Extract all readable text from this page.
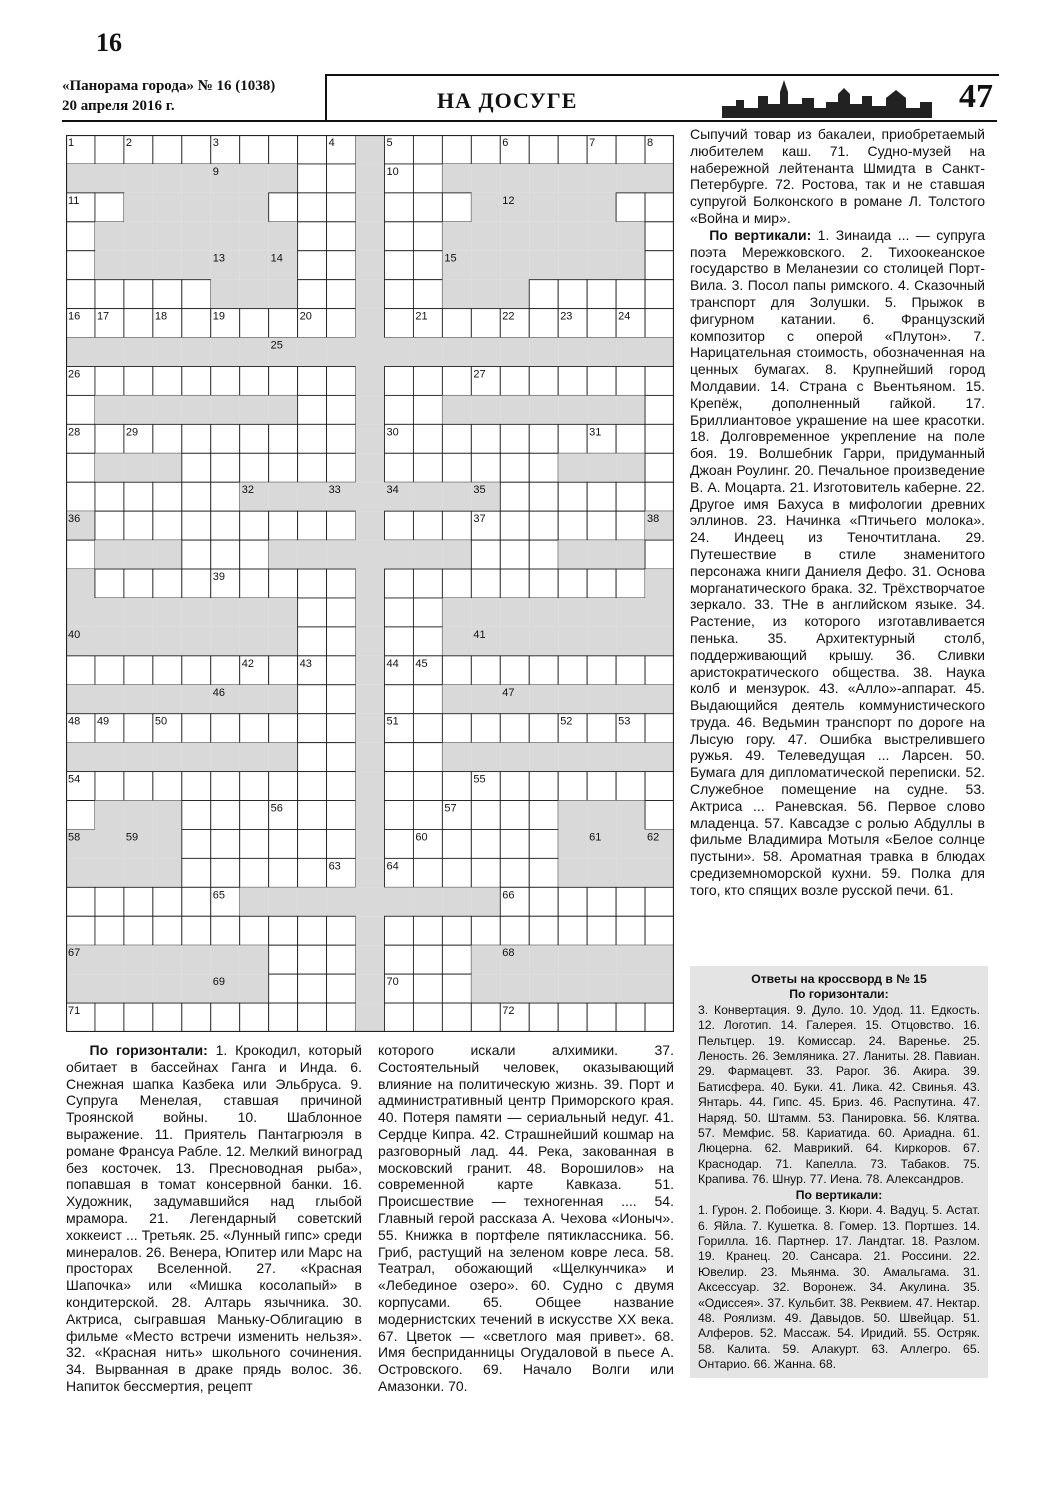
16
«Панорама города» № 16 (1038)
20 апреля 2016 г.	НА ДОСУГЕ	47
1	2	3	4	5	6	7	8
9	10
11	12
13	14	15
16 17	18	19	20	21	22	23	24
25
26	27
28	29	30	31
32	33	34	35
36	37	38
39
40	41
42	43	44 45
46	47
48 49	50	51	52	53
54	55
56	57
58	59	60	61	62
63	64
65	66
67	68
69	70
71	72
Сыпучий товар из бакалеи, приобретаемый любителем каш. 71. Судно-музей на набережной лейтенанта Шмидта в Санкт-Петербурге. 72. Ростова, так и не ставшая супругой Болконского в романе Л. Толстого «Война и мир».
По вертикали: 1. Зинаида ... — супруга поэта Мережковского. 2. Тихоокеанское государство в Меланезии со столицей Порт-Вила. 3. Посол папы римского. 4. Сказочный транспорт для Золушки. 5. Прыжок в фигурном катании. 6. Французский композитор с оперой «Плутон». 7. Нарицательная стоимость, обозначенная на ценных бумагах. 8. Крупнейший город Молдавии. 14. Страна с Вьентьяном. 15. Крепёж, дополненный гайкой. 17. Бриллиантовое украшение на шее красотки. 18. Долговременное укрепление на поле боя. 19. Волшебник Гарри, придуманный Джоан Роулинг. 20. Печальное произведение В. А. Моцарта. 21. Изготовитель каберне. 22. Другое имя Бахуса в мифологии древних эллинов. 23. Начинка «Птичьего молока». 24. Индеец из Теночтитлана. 29. Путешествие в стиле знаменитого персонажа книги Даниеля Дефо. 31. Основа морганатического брака. 32. Трёхстворчатое зеркало. 33. THe в английском языке. 34. Растение, из которого изготавливается пенька. 35. Архитектурный столб, поддерживающий крышу. 36. Сливки аристократического общества. 38. Наука колб и мензурок. 43. «Алло»-аппарат. 45. Выдающийся деятель коммунистического труда. 46. Ведьмин транспорт по дороге на Лысую гору. 47. Ошибка выстрелившего ружья. 49. Телеведущая ... Ларсен. 50. Бумага для дипломатической переписки. 52. Служебное помещение на судне. 53. Актриса ... Раневская. 56. Первое слово младенца. 57. Кавсадзе с ролью Абдуллы в фильме Владимира Мотыля «Белое солнце пустыни». 58. Ароматная травка в блюдах средиземноморской кухни. 59. Полка для того, кто спящих возле русской печи. 61.
Ответы на кроссворд в № 15
По горизонтали:
3. Конвертация. 9. Дуло. 10. Удод. 11. Едкость. 12. Логотип. 14. Галерея. 15. Отцовство. 16. Пельтцер. 19. Комиссар. 24. Варенье. 25. Леность. 26. Земляника. 27. Ланиты. 28. Павиан. 29. Фармацевт. 33. Рарог. 36. Акира. 39. Батисфера. 40. Буки. 41. Лика. 42. Свинья. 43. Янтарь. 44. Гипс. 45. Бриз. 46. Распутина. 47. Наряд. 50. Штамм. 53. Панировка. 56. Клятва. 57. Мемфис. 58. Кариатида. 60. Ариадна. 61. Люцерна. 62. Маврикий. 64. Киркоров. 67. Краснодар. 71. Капелла. 73. Табаков. 75. Крапива. 76. Шнур. 77. Иена. 78. Александров.
По вертикали:
1. Гурон. 2. Побоище. 3. Кюри. 4. Вадуц. 5. Астат. 6. Яйла. 7. Кушетка. 8. Гомер. 13. Портшез. 14. Горилла. 16. Партнер. 17. Ландтаг. 18. Разлом. 19. Кранец. 20. Сансара. 21. Россини. 22. Ювелир. 23. Мьянма. 30. Амальгама. 31. Аксессуар. 32. Воронеж. 34. Акулина. 35. «Одиссея». 37. Кульбит. 38. Реквием. 47. Нектар. 48. Роялизм. 49. Давыдов. 50. Швейцар. 51. Алферов. 52. Массаж. 54. Иридий. 55. Остряк. 58. Калита. 59. Алакурт. 63. Аллегро. 65. Онтарио. 66. Жанна. 68.
По горизонтали: 1. Крокодил, который обитает в бассейнах Ганга и Инда. 6. Снежная шапка Казбека или Эльбруса. 9. Супруга Менелая, ставшая причиной Троянской войны. 10. Шаблонное выражение. 11. Приятель Пантагрюэля в романе Франсуа Рабле. 12. Мелкий виноград без косточек. 13. Пресноводная рыба», попавшая в томат консервной банки. 16. Художник, задумавшийся над глыбой мрамора. 21. Легендарный советский хоккеист ... Третьяк. 25. «Лунный гипс» среди минералов. 26. Венера, Юпитер или Марс на просторах Вселенной. 27. «Красная Шапочка» или «Мишка косолапый» в кондитерской. 28. Алтарь язычника. 30. Актриса, сыгравшая Маньку-Облигацию в фильме «Место встречи изменить нельзя». 32. «Красная нить» школьного сочинения. 34. Вырванная в драке прядь волос. 36. Напиток бессмертия, рецепт
которого искали алхимики. 37. Состоятельный человек, оказывающий влияние на политическую жизнь. 39. Порт и административный центр Приморского края. 40. Потеря памяти — сериальный недуг. 41. Сердце Кипра. 42. Страшнейший кошмар на разговорный лад. 44. Река, закованная в московский гранит. 48. Ворошилов» на современной карте Кавказа. 51. Происшествие — техногенная .... 54. Главный герой рассказа А. Чехова «Ионыч». 55. Книжка в портфеле пятиклассника. 56. Гриб, растущий на зеленом ковре леса. 58. Театрал, обожающий «Щелкунчика» и «Лебединое озеро». 60. Судно с двумя корпусами. 65. Общее название модернистских течений в искусстве XX века. 67. Цветок — «светлого мая привет». 68. Имя бесприданницы Огудаловой в пьесе А. Островского. 69. Начало Волги или Амазонки. 70.
